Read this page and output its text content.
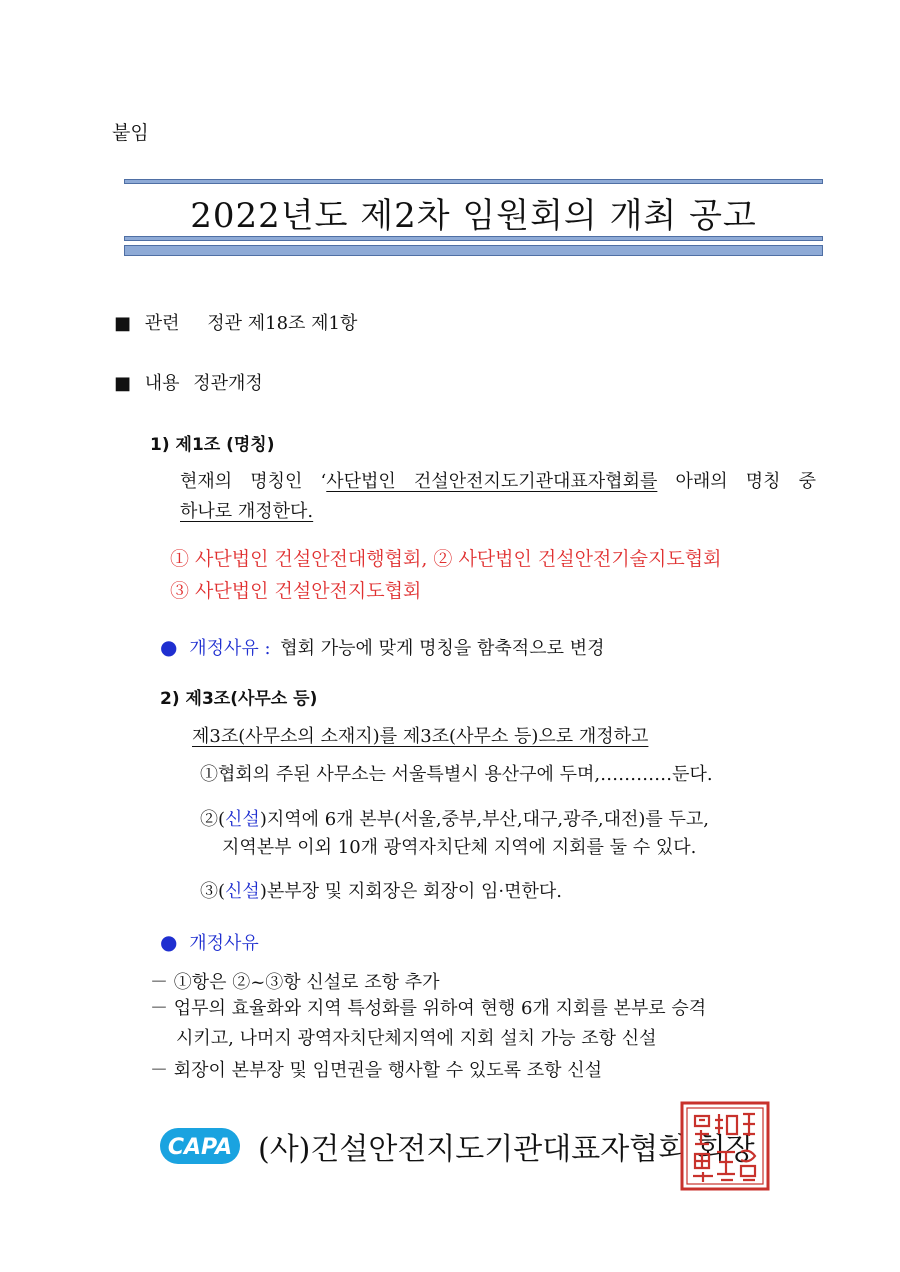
붙임
2022년도 제2차 임원회의 개최 공고
■ 관련 정관 제18조 제1항
■ 내용 정관개정
1) 제1조 (명칭)
현재의 명칭인 ‘사단법인 건설안전지도기관대표자협회를 아래의 명칭 중
하나로 개정한다.
① 사단법인 건설안전대행협회, ② 사단법인 건설안전기술지도협회
③ 사단법인 건설안전지도협회
● 개정사유 : 협회 가능에 맞게 명칭을 함축적으로 변경
2) 제3조(사무소 등)
제3조(사무소의 소재지)를 제3조(사무소 등)으로 개정하고
①협회의 주된 사무소는 서울특별시 용산구에 두며,…………둔다.
②(신설)지역에 6개 본부(서울,중부,부산,대구,광주,대전)를 두고,
지역본부 이외 10개 광역자치단체 지역에 지회를 둘 수 있다.
③(신설)본부장 및 지회장은 회장이 임·면한다.
● 개정사유
－ ①항은 ②~③항 신설로 조항 추가
－ 업무의 효율화와 지역 특성화를 위하여 현행 6개 지회를 본부로 승격
시키고, 나머지 광역자치단체지역에 지회 설치 가능 조항 신설
－ 회장이 본부장 및 임면권을 행사할 수 있도록 조항 신설
CAPA (사)건설안전지도기관대표자협회 회장
